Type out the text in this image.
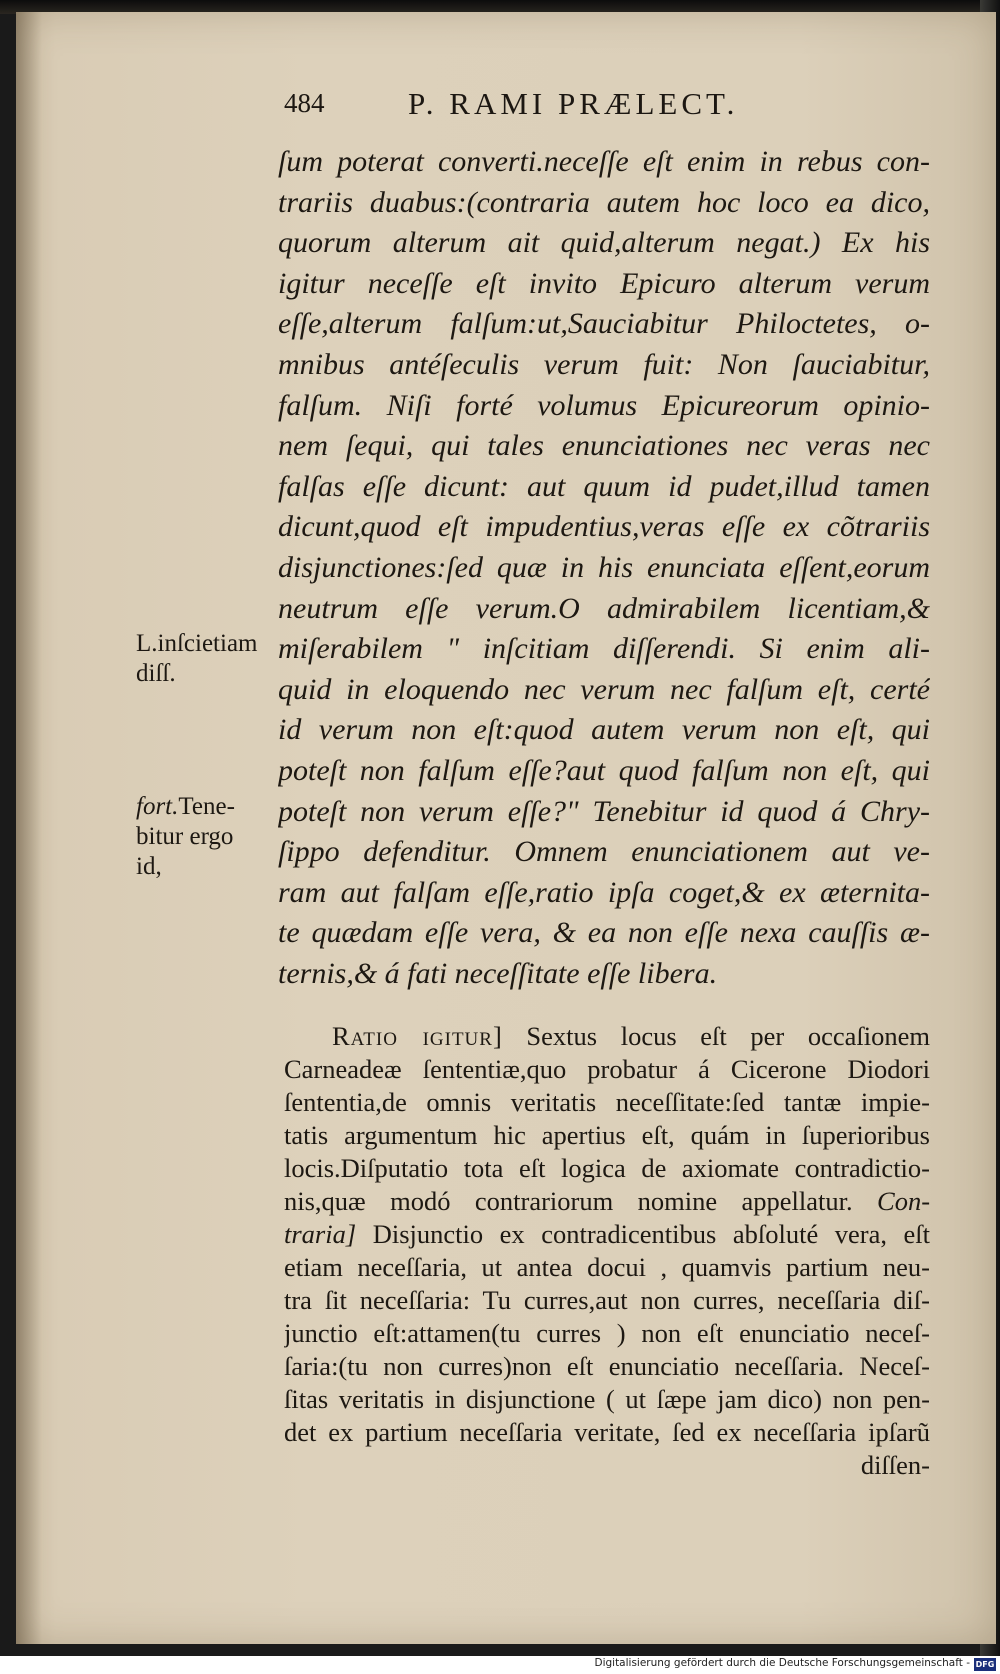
484	P. RAMI PRÆLECT.
ſum poterat converti.neceſſe eſt enim in rebus con-
trariis duabus:(contraria autem hoc loco ea dico,
quorum alterum ait quid,alterum negat.) Ex his
igitur neceſſe eſt invito Epicuro alterum verum
eſſe,alterum falſum:ut,Sauciabitur Philoctetes, o-
mnibus antéſeculis verum fuit: Non ſauciabitur,
falſum. Niſi forté volumus Epicureorum opinio-
nem ſequi, qui tales enunciationes nec veras nec
falſas eſſe dicunt: aut quum id pudet,illud tamen
dicunt,quod eſt impudentius,veras eſſe ex cõtrariis
disjunctiones:ſed quæ in his enunciata eſſent,eorum
neutrum eſſe verum.O admirabilem licentiam,&
miſerabilem ʺ inſcitiam diſſerendi. Si enim ali-
quid in eloquendo nec verum nec falſum eſt, certé
id verum non eſt:quod autem verum non eſt, qui
poteſt non falſum eſſe?aut quod falſum non eſt, qui
poteſt non verum eſſe?ʺ Tenebitur id quod á Chry-
ſippo defenditur. Omnem enunciationem aut ve-
ram aut falſam eſſe,ratio ipſa coget,& ex æternita-
te quædam eſſe vera, & ea non eſſe nexa cauſſis æ-
ternis,& á fati neceſſitate eſſe libera.
L.inſcietiam
diſſ.
fort.Tene-
bitur ergo
id,
Ratio igitur] Sextus locus eſt per occaſionem
Carneadeæ ſententiæ,quo probatur á Cicerone Diodori
ſententia,de omnis veritatis neceſſitate:ſed tantæ impie-
tatis argumentum hic apertius eſt, quám in ſuperioribus
locis.Diſputatio tota eſt logica de axiomate contradictio-
nis,quæ modó contrariorum nomine appellatur. Con-
traria] Disjunctio ex contradicentibus abſoluté vera, eſt
etiam neceſſaria, ut antea docui , quamvis partium neu-
tra ſit neceſſaria: Tu curres,aut non curres, neceſſaria diſ-
junctio eſt:attamen(tu curres ) non eſt enunciatio neceſ-
ſaria:(tu non curres)non eſt enunciatio neceſſaria. Neceſ-
ſitas veritatis in disjunctione ( ut ſæpe jam dico) non pen-
det ex partium neceſſaria veritate, ſed ex neceſſaria ipſarũ
diſſen-
Digitalisierung gefördert durch die Deutsche Forschungsgemeinschaft - DFG
